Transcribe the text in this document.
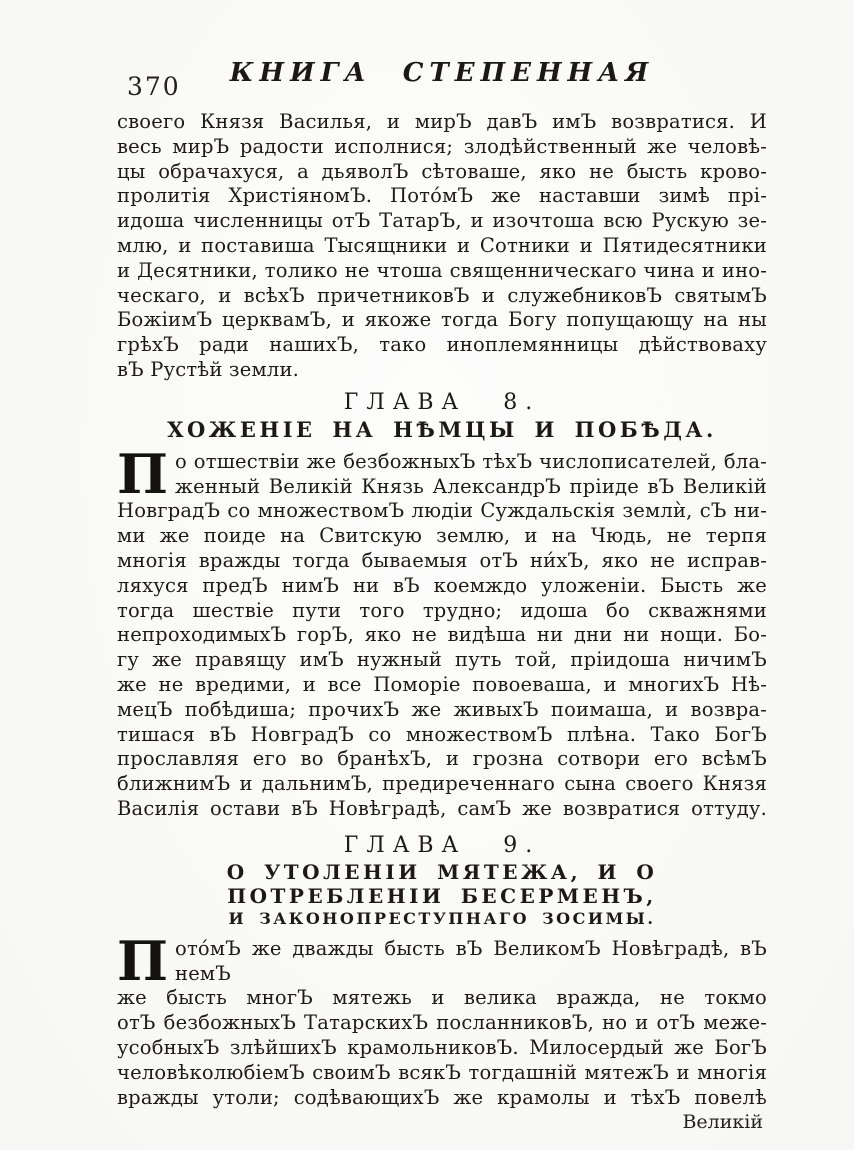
370	КНИГА СТЕПЕННАЯ
своего Князя Василья, и мирЪ давЪ имЪ возвратися. И
весь мирЪ радости исполнися; злодѣйственный же человѣ-
цы обрачахуся, а дьяволЪ сѣтоваше, яко не бысть крово-
пролитія ХристіяномЪ. Пото́мЪ же наставши зимѣ прі-
идоша численницы отЪ ТатарЪ, и изочтоша всю Рускую зе-
млю, и поставиша Тысящники и Сотники и Пятидесятники
и Десятники, толико не чтоша священническаго чина и ино-
ческаго, и всѣхЪ причетниковЪ и служебниковЪ святымЪ
БожіимЪ церквамЪ, и якоже тогда Богу попущающу на ны
грѣхЪ ради нашихЪ, тако иноплемянницы дѣйствоваху
вЪ Рустѣй земли.
ГЛАВА 8.
ХОЖЕНІЕ НА НѢМЦЫ И ПОБѢДА.
П о отшествіи же безбожныхЪ тѣхЪ числописателей, бла-
женный Великій Князь АлександрЪ пріиде вЪ Великій
НовградЪ со множествомЪ людіи Суждальскія землѝ, сЪ ни-
ми же поиде на Свитскую землю, и на Чюдь, не терпя
многія вражды тогда бываемыя отЪ ни́хЪ, яко не исправ-
ляхуся предЪ нимЪ ни вЪ коемждо уложеніи. Бысть же
тогда шествіе пути того трудно; идоша бо скважнями
непроходимыхЪ горЪ, яко не видѣша ни дни ни нощи. Бо-
гу же правящу имЪ нужный путь той, пріидоша ничимЪ
же не вредими, и все Поморіе повоеваша, и многихЪ Нѣ-
мецЪ побѣдиша; прочихЪ же живыхЪ поимаша, и возвра-
тишася вЪ НовградЪ со множествомЪ плѣна. Тако БогЪ
прославляя его во бранѣхЪ, и грозна сотвори его всѣмЪ
ближнимЪ и дальнимЪ, предиреченнаго сына своего Князя
Василія остави вЪ Новѣградѣ, самЪ же возвратися оттуду.
ГЛАВА 9.
О УТОЛЕНІИ МЯТЕЖА, И О ПОТРЕБЛЕНІИ БЕСЕРМЕНЪ,
И ЗАКОНОПРЕСТУПНАГО ЗОСИМЫ.
П ото́мЪ же дважды бысть вЪ ВеликомЪ Новѣградѣ, вЪ немЪ
же бысть многЪ мятежь и велика вражда, не токмо
отЪ безбожныхЪ ТатарскихЪ посланниковЪ, но и отЪ меже-
усобныхЪ злѣйшихЪ крамольниковЪ. Милосердый же БогЪ
человѣколюбіемЪ своимЪ всякЪ тогдашній мятежЪ и многія
вражды утоли; содѣвающихЪ же крамолы и тѣхЪ повелѣ
Великій
